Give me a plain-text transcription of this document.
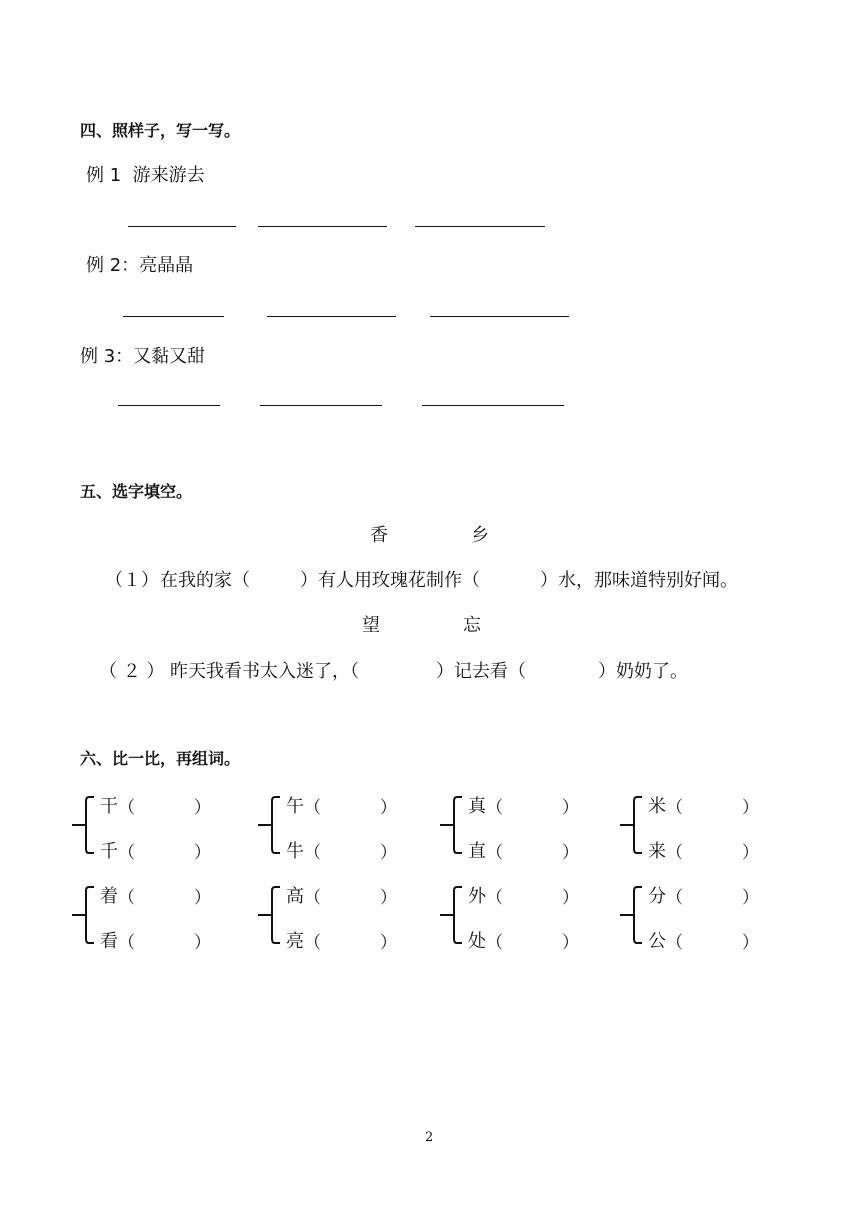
四、照样子，写一写。
例 1 游来游去
例 2：亮晶晶
例 3：又黏又甜
五、选字填空。
香	乡
（１） 在我的家（	）有人用玫瑰花制作（	）水，那味道特别好闻。
望	忘
（ ２ ） 昨天我看书太入迷了，（	）记去看（	）奶奶了。
六、比一比，再组词。
干 （	）
千 （	）
午 （	）
牛 （	）
真 （	）
直 （	）
米 （	）
来 （	）
着 （	）
看 （	）
高 （	）
亮 （	）
外 （	）
处 （	）
分 （	）
公 （	）
2
